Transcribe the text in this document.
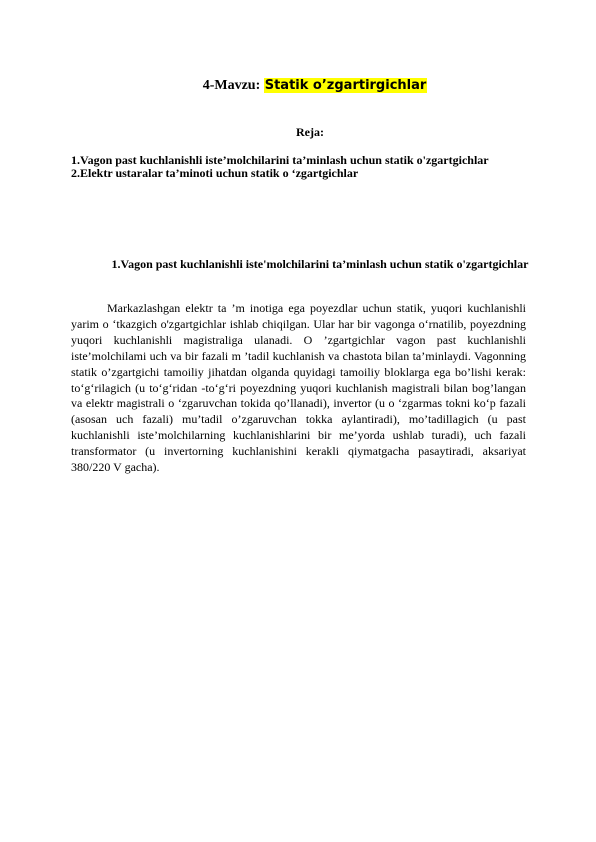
4-Mavzu: Statik o’zgartirgichlar
Reja:
1.Vagon past kuchlanishli iste’molchilarini ta’minlash uchun statik o'zgartgichlar
2.Elektr ustaralar ta’minoti uchun statik o ‘zgartgichlar
1.Vagon past kuchlanishli iste'molchilarini ta’minlash uchun statik o'zgartgichlar

Markazlashgan elektr ta ’m inotiga ega poyezdlar uchun statik, yuqori kuchlanishli yarim o ‘tkazgich o'zgartgichlar ishlab chiqilgan. Ular har bir vagonga o‘rnatilib, poyezdning yuqori kuchlanishli magistraliga ulanadi. O ’zgartgichlar vagon past kuchlanishli iste’molchilami uch va bir fazali m ’tadil kuchlanish va chastota bilan ta’minlaydi. Vagonning statik o’zgartgichi tamoiliy jihatdan olganda quyidagi tamoiliy bloklarga ega bo’lishi kerak: to‘g‘rilagich (u to‘g‘ridan -to‘g‘ri poyezdning yuqori kuchlanish magistrali bilan bog’langan va elektr magistrali o ‘zgaruvchan tokida qo’llanadi), invertor (u o ‘zgarmas tokni ko‘p fazali (asosan uch fazali) mu’tadil o’zgaruvchan tokka aylantiradi), mo’tadillagich (u past kuchlanishli iste’molchilarning kuchlanishlarini bir me’yorda ushlab turadi), uch fazali transformator (u invertorning kuchlanishini kerakli qiymatgacha pasaytiradi, aksariyat 380/220 V gacha).
